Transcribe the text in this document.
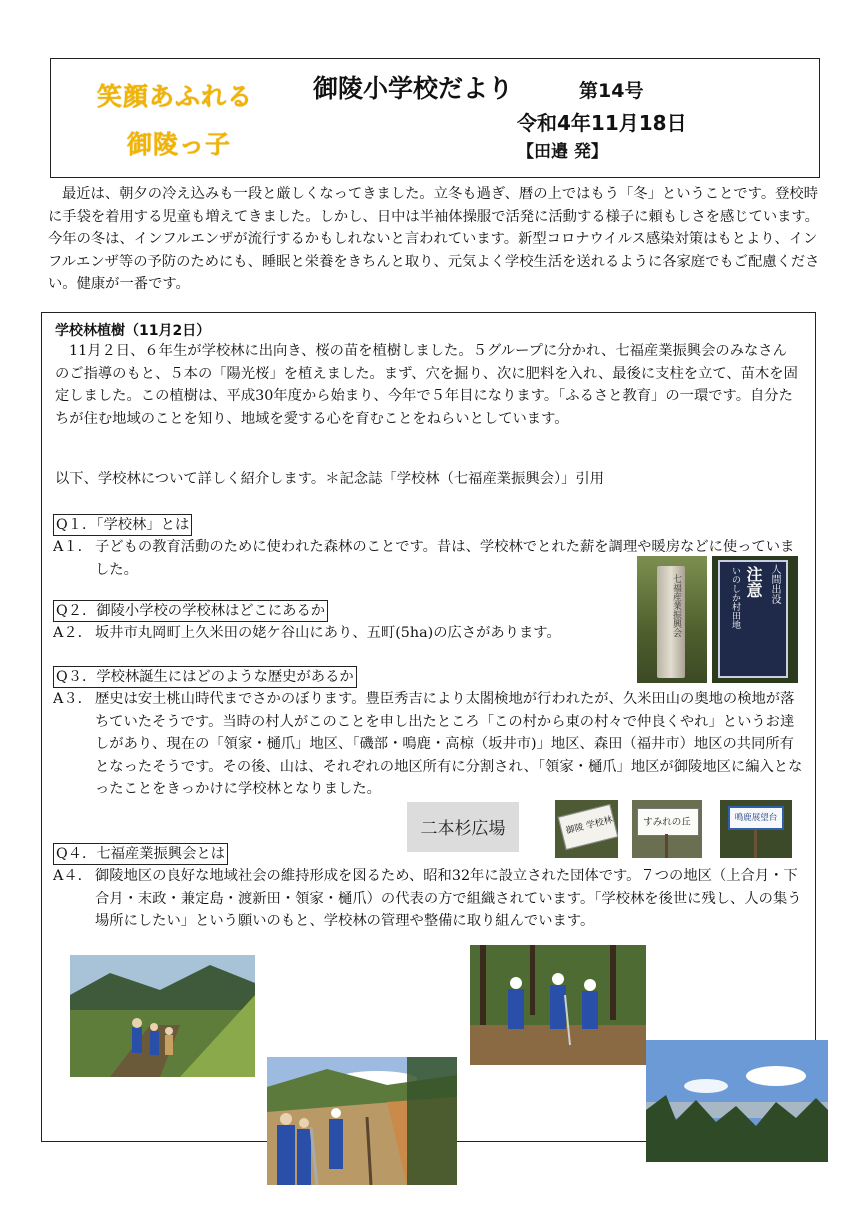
笑顔あふれる
御陵っ子
御陵小学校だより	第14号
令和4年11月18日
【田邉 発】
最近は、朝夕の冷え込みも一段と厳しくなってきました。立冬も過ぎ、暦の上ではもう「冬」ということです。登校時に手袋を着用する児童も増えてきました。しかし、日中は半袖体操服で活発に活動する様子に頼もしさを感じています。今年の冬は、インフルエンザが流行するかもしれないと言われています。新型コロナウイルス感染対策はもとより、インフルエンザ等の予防のためにも、睡眠と栄養をきちんと取り、元気よく学校生活を送れるように各家庭でもご配慮ください。健康が一番です。
学校林植樹（11月2日）
11月２日、６年生が学校林に出向き、桜の苗を植樹しました。５グループに分かれ、七福産業振興会のみなさんのご指導のもと、５本の「陽光桜」を植えました。まず、穴を掘り、次に肥料を入れ、最後に支柱を立て、苗木を固定しました。この植樹は、平成30年度から始まり、今年で５年目になります。「ふるさと教育」の一環です。自分たちが住む地域のことを知り、地域を愛する心を育むことをねらいとしています。
以下、学校林について詳しく紹介します。＊記念誌「学校林（七福産業振興会）」引用
Q１．「学校林」とは
A１． 子どもの教育活動のために使われた森林のことです。昔は、学校林でとれた薪を調理や暖房などに使っていました。
Q２．御陵小学校の学校林はどこにあるか
A２． 坂井市丸岡町上久米田の姥ケ谷山にあり、五町(5ha)の広さがあります。
Q３．学校林誕生にはどのような歴史があるか
A３． 歴史は安土桃山時代までさかのぼります。豊臣秀吉により太閤検地が行われたが、久米田山の奥地の検地が落ちていたそうです。当時の村人がこのことを申し出たところ「この村から東の村々で仲良くやれ」というお達しがあり、現在の「領家・樋爪」地区、「磯部・鳴鹿・高椋（坂井市)」地区、森田（福井市）地区の共同所有となったそうです。その後、山は、それぞれの地区所有に分割され、「領家・樋爪」地区が御陵地区に編入となったことをきっかけに学校林となりました。
Q４．七福産業振興会とは
A４． 御陵地区の良好な地域社会の維持形成を図るため、昭和32年に設立された団体です。７つの地区（上合月・下合月・末政・兼定島・渡新田・領家・樋爪）の代表の方で組織されています。「学校林を後世に残し、人の集う場所にしたい」という願いのもと、学校林の管理や整備に取り組んでいます。
七福産業振興会	人間出没
注意
いのしか村田地
二本杉広場	御陵 学校林	すみれの丘	鳴鹿展望台
